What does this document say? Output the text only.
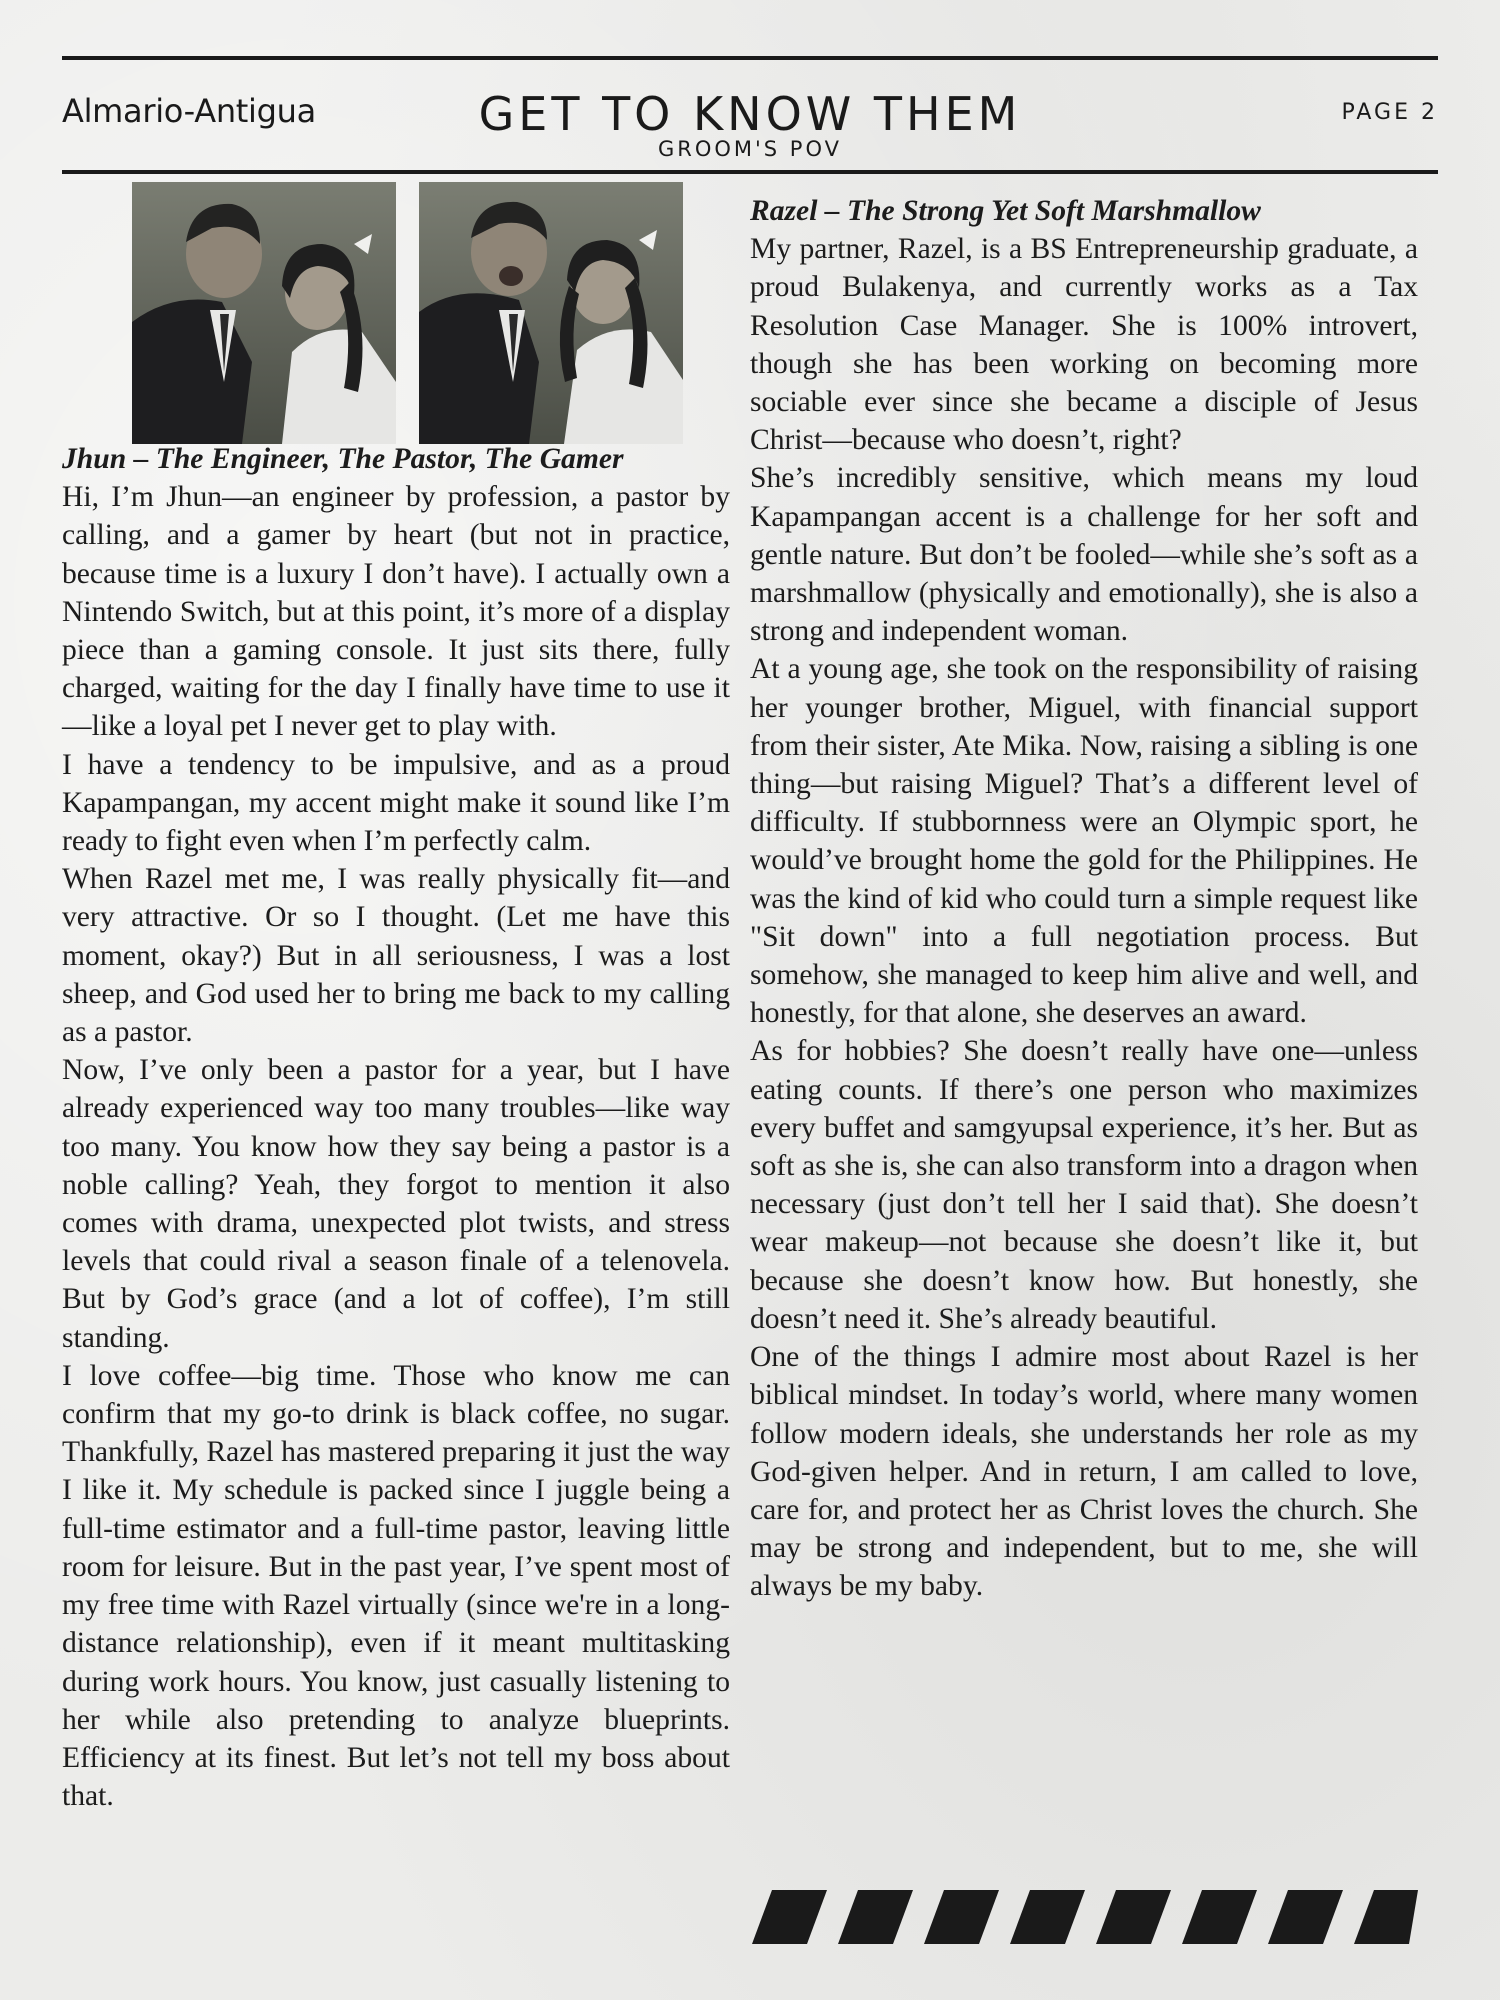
Almario-Antigua	GET TO KNOW THEM
GROOM'S POV
PAGE 2

Jhun – The Engineer, The Pastor, The Gamer

Hi, I’m Jhun—an engineer by profession, a pastor by calling, and a gamer by heart (but not in practice, because time is a luxury I don’t have). I actually own a Nintendo Switch, but at this point, it’s more of a display piece than a gaming console. It just sits there, fully charged, waiting for the day I finally have time to use it—like a loyal pet I never get to play with.

I have a tendency to be impulsive, and as a proud Kapampangan, my accent might make it sound like I’m ready to fight even when I’m perfectly calm.

When Razel met me, I was really physically fit—and very attractive. Or so I thought. (Let me have this moment, okay?) But in all seriousness, I was a lost sheep, and God used her to bring me back to my calling as a pastor.

Now, I’ve only been a pastor for a year, but I have already experienced way too many troubles—like way too many. You know how they say being a pastor is a noble calling? Yeah, they forgot to mention it also comes with drama, unexpected plot twists, and stress levels that could rival a season finale of a telenovela. But by God’s grace (and a lot of coffee), I’m still standing.

I love coffee—big time. Those who know me can confirm that my go-to drink is black coffee, no sugar. Thankfully, Razel has mastered preparing it just the way I like it. My schedule is packed since I juggle being a full-time estimator and a full-time pastor, leaving little room for leisure. But in the past year, I’ve spent most of my free time with Razel virtually (since we're in a long-distance relationship), even if it meant multitasking during work hours. You know, just casually listening to her while also pretending to analyze blueprints. Efficiency at its finest. But let’s not tell my boss about that.

Razel – The Strong Yet Soft Marshmallow

My partner, Razel, is a BS Entrepreneurship graduate, a proud Bulakenya, and currently works as a Tax Resolution Case Manager. She is 100% introvert, though she has been working on becoming more sociable ever since she became a disciple of Jesus Christ—because who doesn’t, right?

She’s incredibly sensitive, which means my loud Kapampangan accent is a challenge for her soft and gentle nature. But don’t be fooled—while she’s soft as a marshmallow (physically and emotionally), she is also a strong and independent woman.

At a young age, she took on the responsibility of raising her younger brother, Miguel, with financial support from their sister, Ate Mika. Now, raising a sibling is one thing—but raising Miguel? That’s a different level of difficulty. If stubbornness were an Olympic sport, he would’ve brought home the gold for the Philippines. He was the kind of kid who could turn a simple request like "Sit down" into a full negotiation process. But somehow, she managed to keep him alive and well, and honestly, for that alone, she deserves an award.

As for hobbies? She doesn’t really have one—unless eating counts. If there’s one person who maximizes every buffet and samgyupsal experience, it’s her. But as soft as she is, she can also transform into a dragon when necessary (just don’t tell her I said that). She doesn’t wear makeup—not because she doesn’t like it, but because she doesn’t know how. But honestly, she doesn’t need it. She’s already beautiful.

One of the things I admire most about Razel is her biblical mindset. In today’s world, where many women follow modern ideals, she understands her role as my God-given helper. And in return, I am called to love, care for, and protect her as Christ loves the church. She may be strong and independent, but to me, she will always be my baby.
